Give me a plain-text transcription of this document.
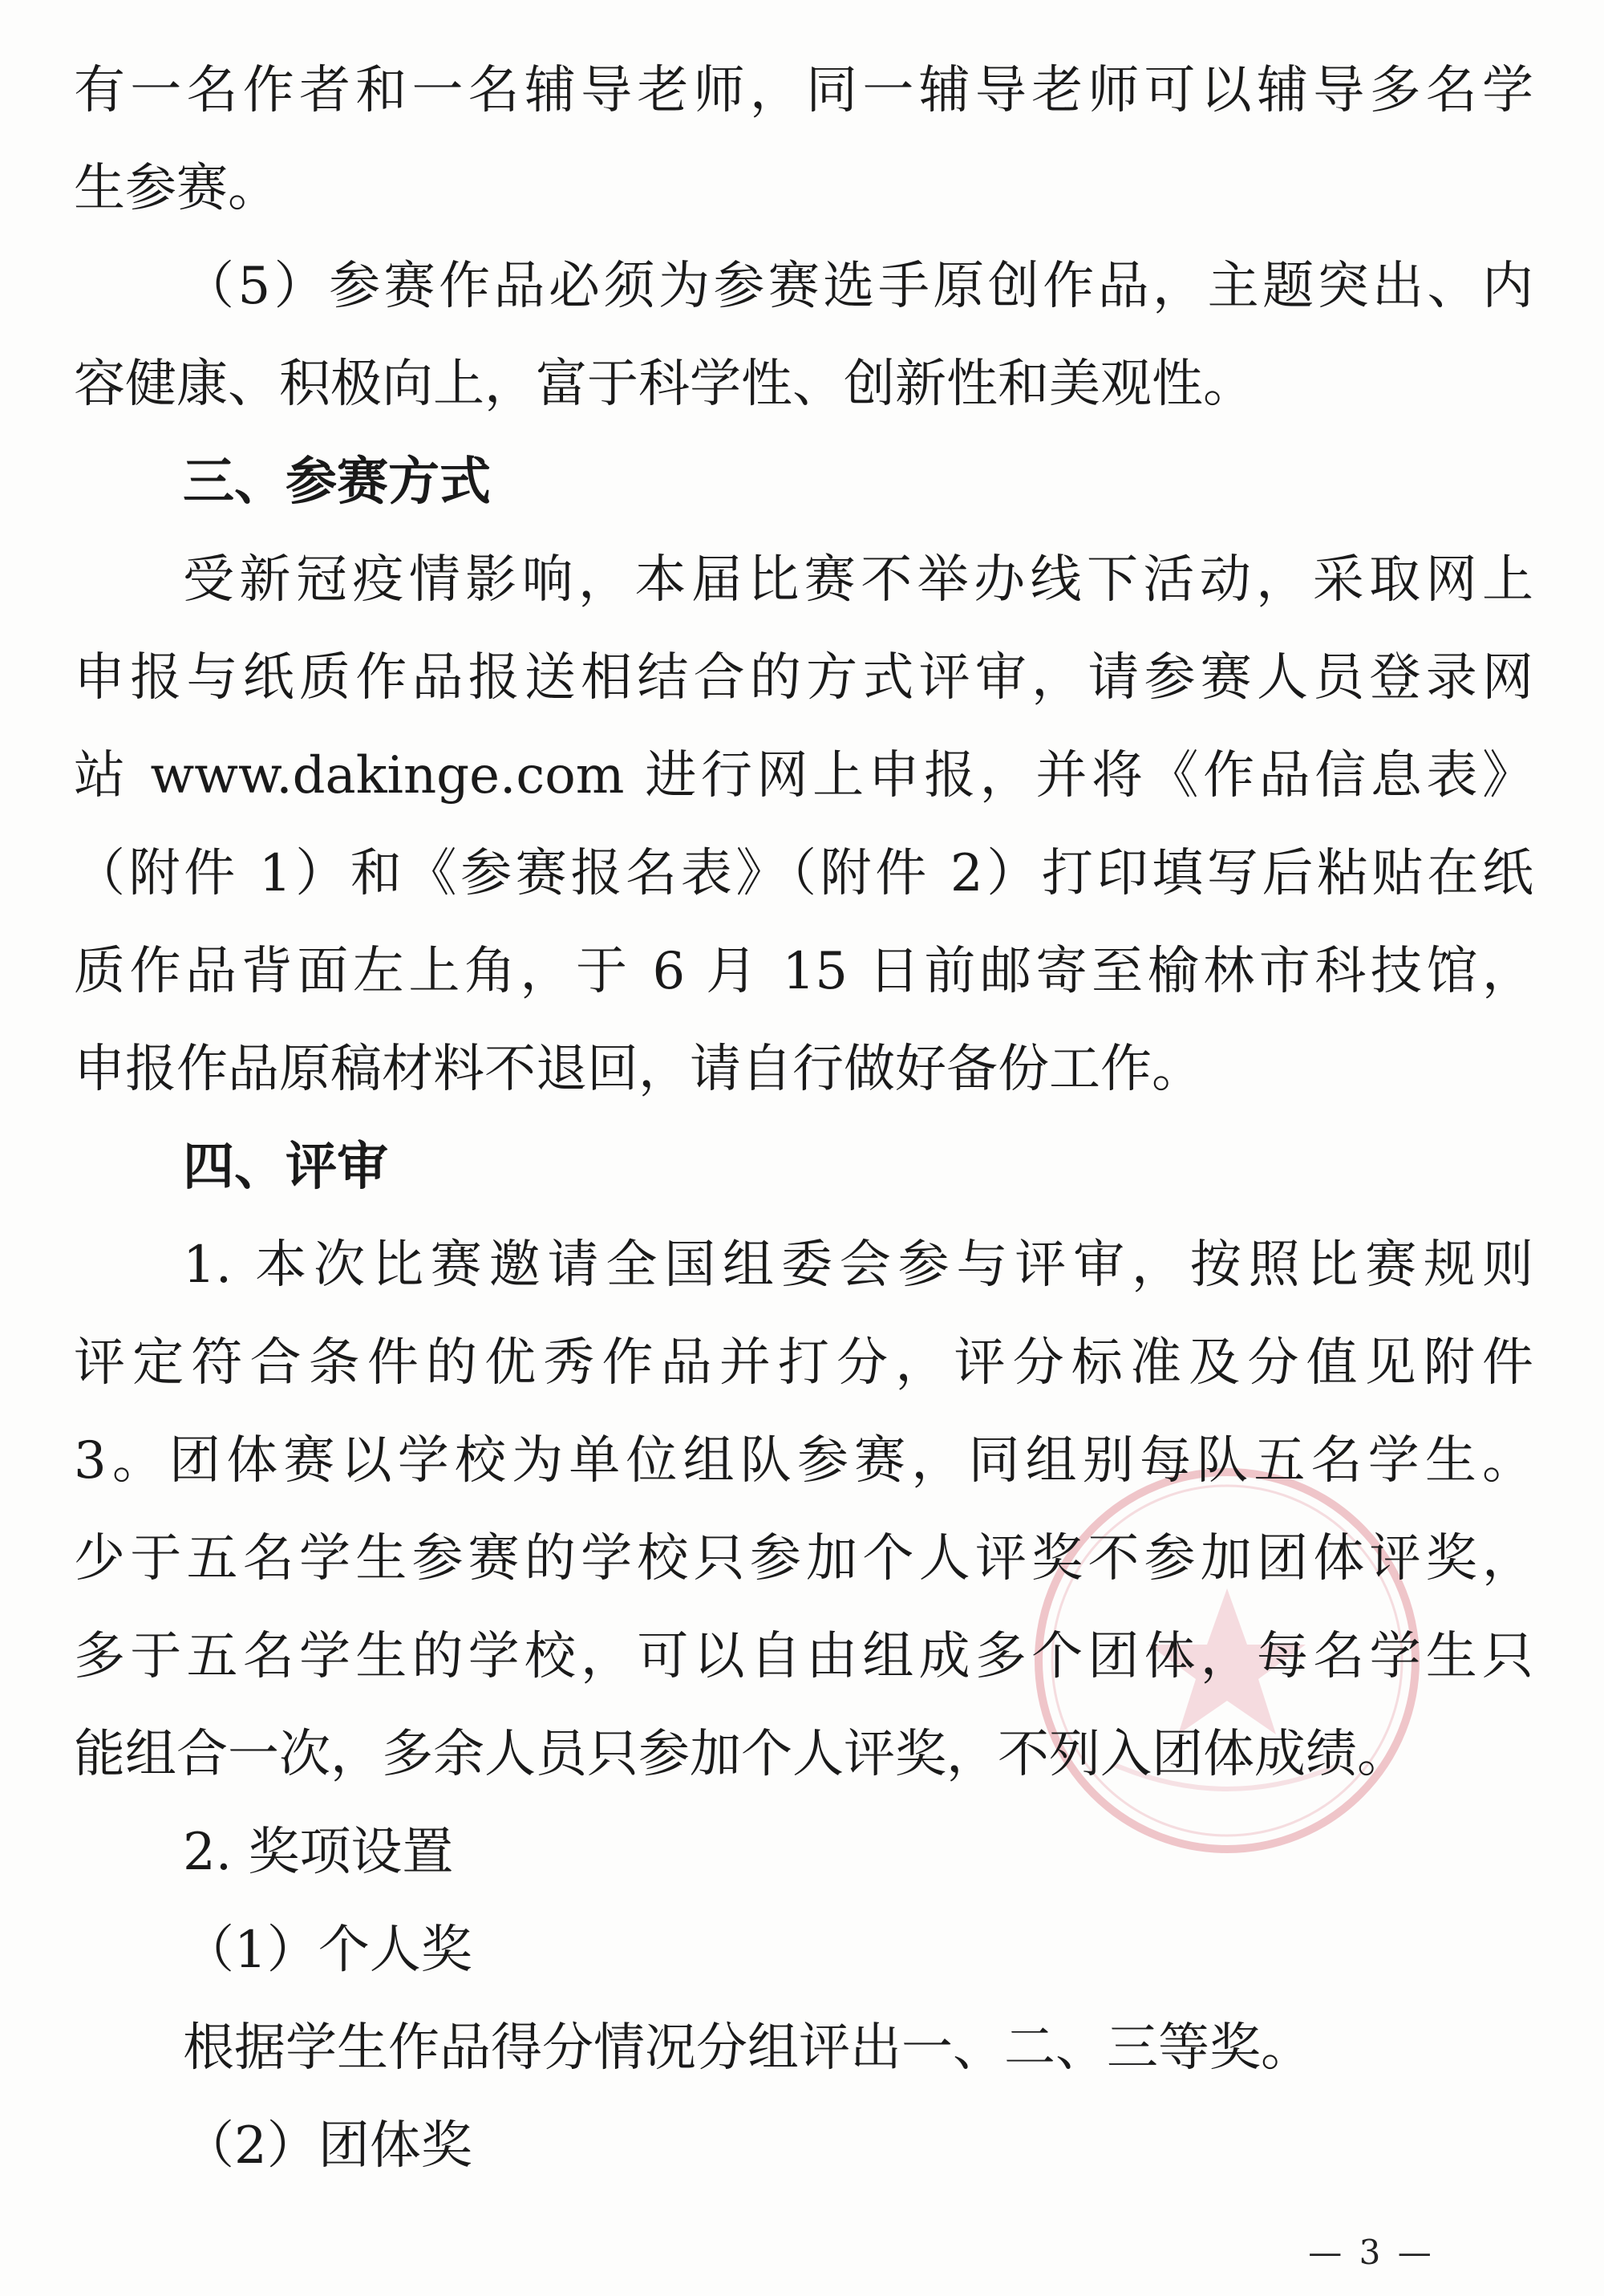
有一名作者和一名辅导老师，同一辅导老师可以辅导多名学
生参赛。
（5）参赛作品必须为参赛选手原创作品，主题突出、内
容健康、积极向上，富于科学性、创新性和美观性。
三、参赛方式
受新冠疫情影响，本届比赛不举办线下活动，采取网上
申报与纸质作品报送相结合的方式评审，请参赛人员登录网
站 www.dakinge.com 进行网上申报，并将《作品信息表》
（附件 1）和《参赛报名表》（附件 2）打印填写后粘贴在纸
质作品背面左上角，于 6 月 15 日前邮寄至榆林市科技馆，
申报作品原稿材料不退回，请自行做好备份工作。
四、评审
1. 本次比赛邀请全国组委会参与评审，按照比赛规则
评定符合条件的优秀作品并打分，评分标准及分值见附件
3。团体赛以学校为单位组队参赛，同组别每队五名学生。
少于五名学生参赛的学校只参加个人评奖不参加团体评奖，
多于五名学生的学校，可以自由组成多个团体，每名学生只
能组合一次，多余人员只参加个人评奖，不列入团体成绩。
2. 奖项设置
（1）个人奖
根据学生作品得分情况分组评出一、二、三等奖。
（2）团体奖
— 3 —
